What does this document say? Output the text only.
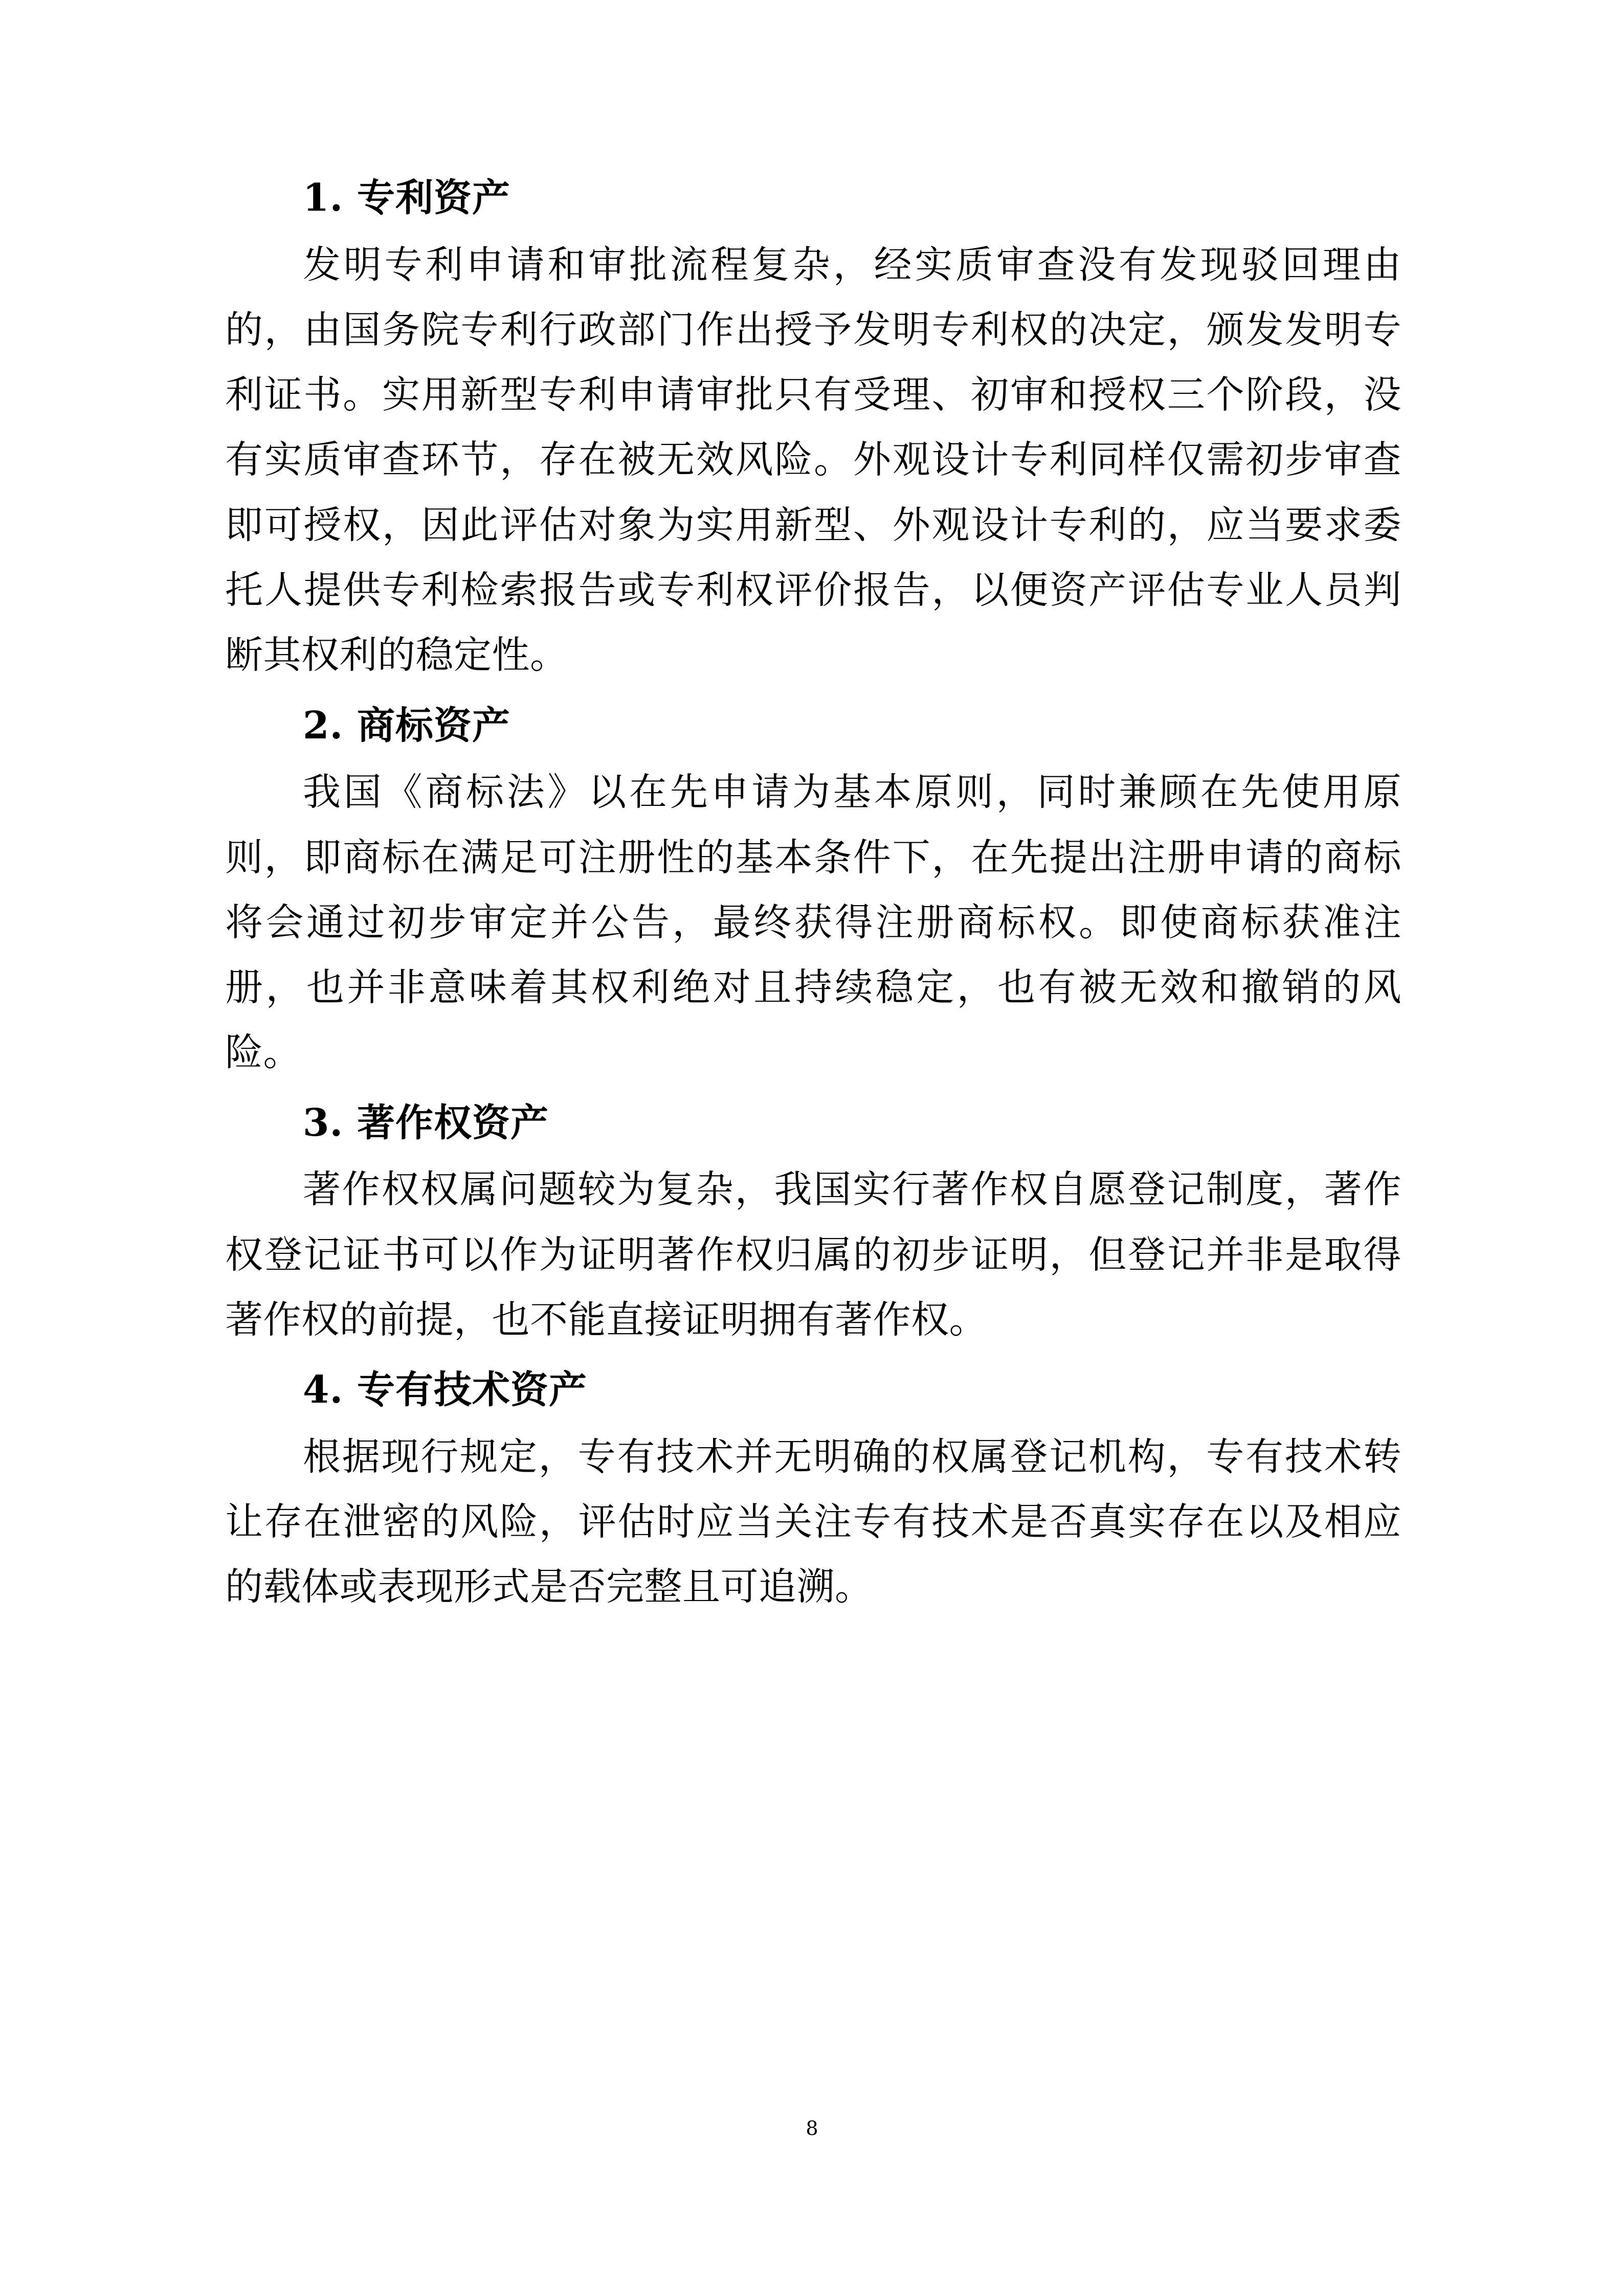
1. 专利资产

发明专利申请和审批流程复杂，经实质审查没有发现驳回理由的，由国务院专利行政部门作出授予发明专利权的决定，颁发发明专利证书。实用新型专利申请审批只有受理、初审和授权三个阶段，没有实质审查环节，存在被无效风险。外观设计专利同样仅需初步审查即可授权，因此评估对象为实用新型、外观设计专利的，应当要求委托人提供专利检索报告或专利权评价报告，以便资产评估专业人员判断其权利的稳定性。

2. 商标资产

我国《商标法》以在先申请为基本原则，同时兼顾在先使用原则，即商标在满足可注册性的基本条件下，在先提出注册申请的商标将会通过初步审定并公告，最终获得注册商标权。即使商标获准注册，也并非意味着其权利绝对且持续稳定，也有被无效和撤销的风险。

3. 著作权资产

著作权权属问题较为复杂，我国实行著作权自愿登记制度，著作权登记证书可以作为证明著作权归属的初步证明，但登记并非是取得著作权的前提，也不能直接证明拥有著作权。

4. 专有技术资产

根据现行规定，专有技术并无明确的权属登记机构，专有技术转让存在泄密的风险，评估时应当关注专有技术是否真实存在以及相应的载体或表现形式是否完整且可追溯。

8
